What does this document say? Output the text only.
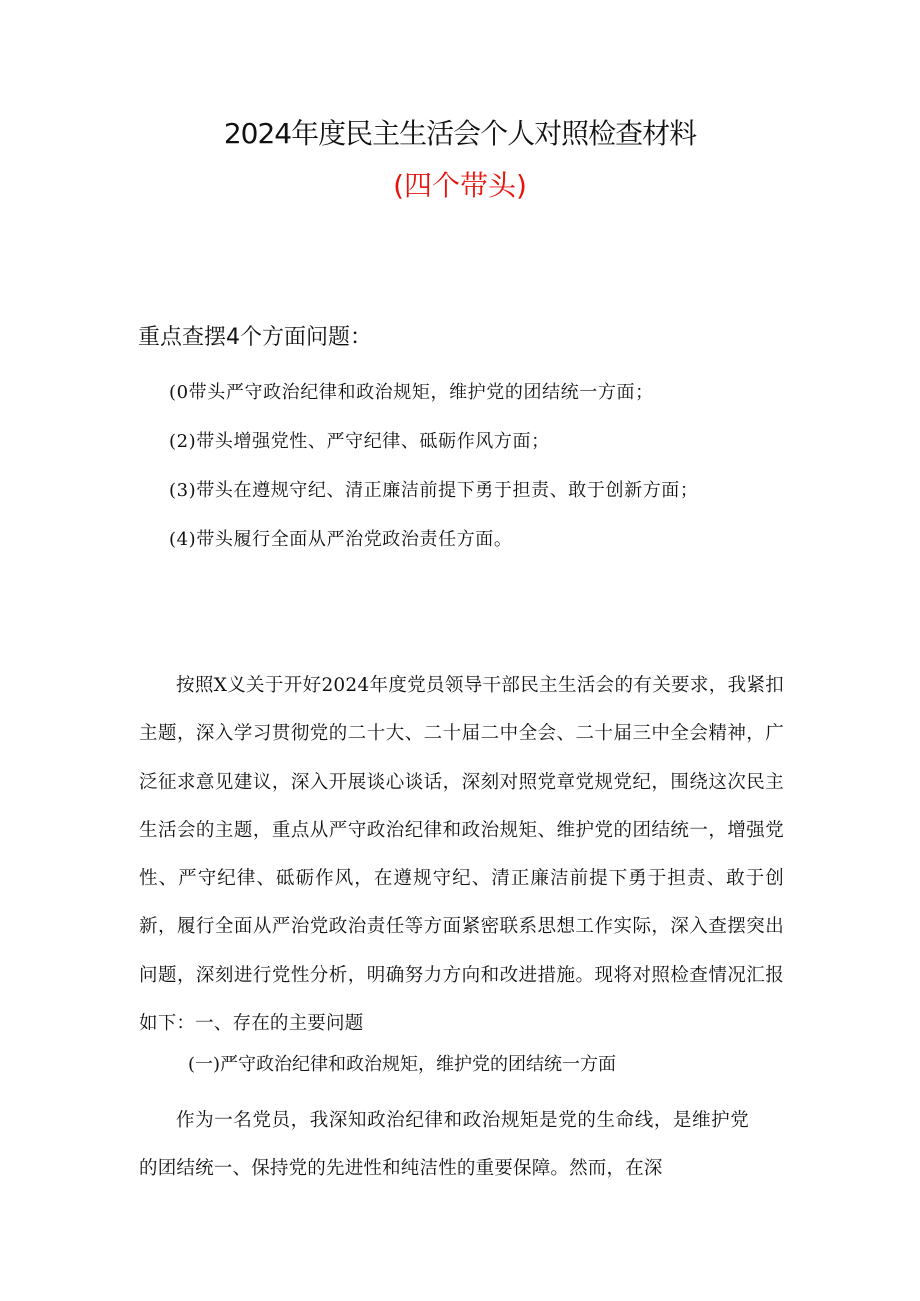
2024年度民主生活会个人对照检查材料
(四个带头)
重点查摆4个方面问题：
(0带头严守政治纪律和政治规矩，维护党的团结统一方面；
(2)带头增强党性、严守纪律、砥砺作风方面；
(3)带头在遵规守纪、清正廉洁前提下勇于担责、敢于创新方面；
(4)带头履行全面从严治党政治责任方面。
按照X义关于开好2024年度党员领导干部民主生活会的有关要求，我紧扣主题，深入学习贯彻党的二十大、二十届二中全会、二十届三中全会精神，广泛征求意见建议，深入开展谈心谈话，深刻对照党章党规党纪，围绕这次民主生活会的主题，重点从严守政治纪律和政治规矩、维护党的团结统一，增强党性、严守纪律、砥砺作风，在遵规守纪、清正廉洁前提下勇于担责、敢于创新，履行全面从严治党政治责任等方面紧密联系思想工作实际，深入查摆突出问题，深刻进行党性分析，明确努力方向和改进措施。现将对照检查情况汇报如下：一、存在的主要问题
(一)严守政治纪律和政治规矩，维护党的团结统一方面
作为一名党员，我深知政治纪律和政治规矩是党的生命线，是维护党的团结统一、保持党的先进性和纯洁性的重要保障。然而，在深
